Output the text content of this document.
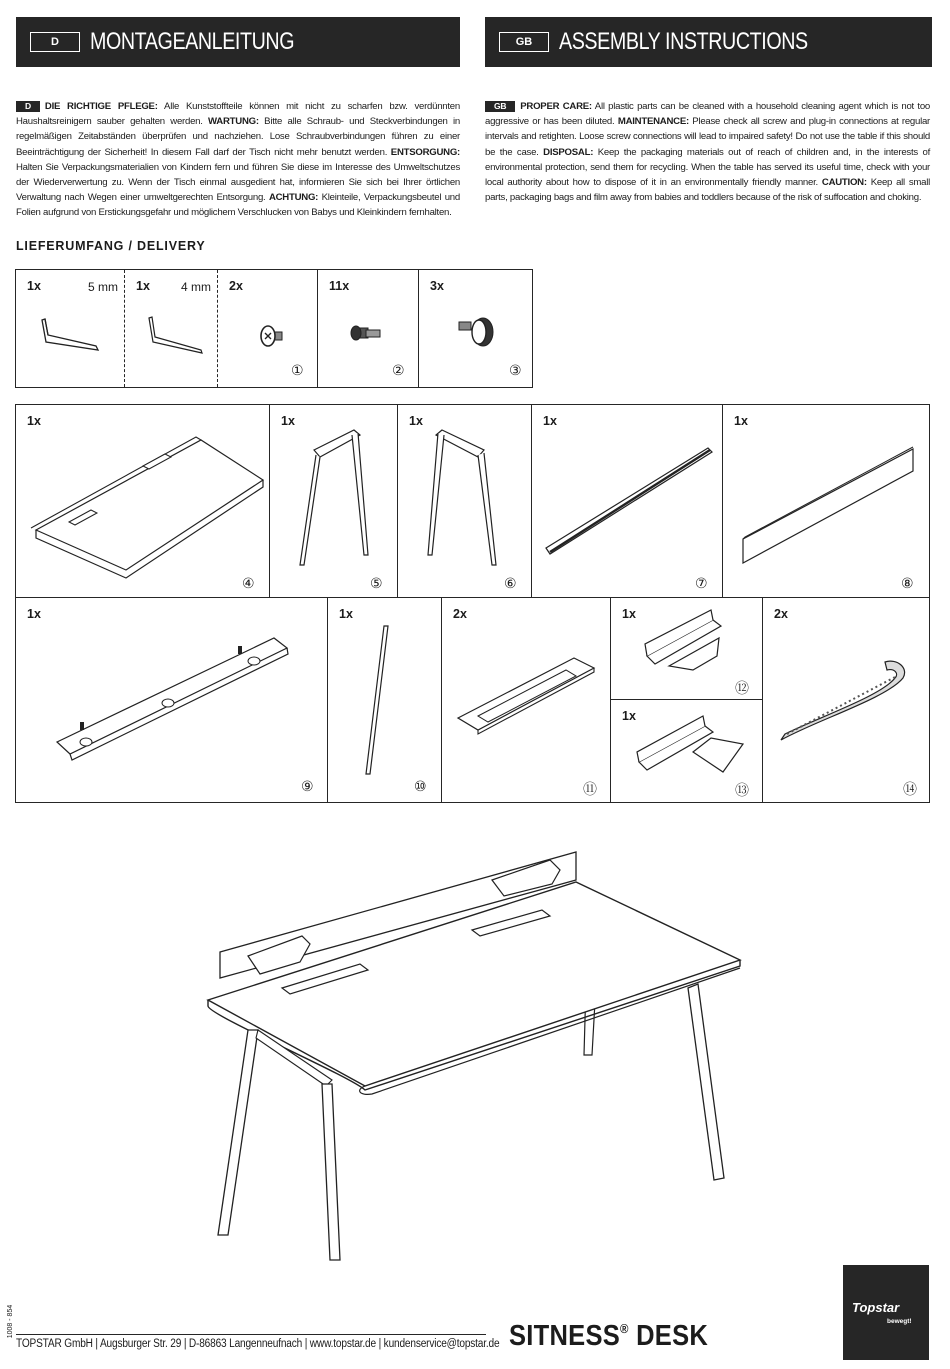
D	MONTAGEANLEITUNG	GB	ASSEMBLY INSTRUCTIONS
D DIE RICHTIGE PFLEGE: Alle Kunststoffteile können mit nicht zu scharfen bzw. verdünnten Haushaltsreinigern sauber gehalten werden. WARTUNG: Bitte alle Schraub- und Steckverbindungen in regelmäßigen Zeitabständen überprüfen und nachziehen. Lose Schraubverbindungen führen zu einer Beeinträchtigung der Sicherheit! In diesem Fall darf der Tisch nicht mehr benutzt werden. ENTSORGUNG: Halten Sie Verpackungsmaterialien von Kindern fern und führen Sie diese im Interesse des Umweltschutzes der Wiederverwertung zu. Wenn der Tisch einmal ausgedient hat, informieren Sie sich bei Ihrer örtlichen Verwaltung nach Wegen einer umweltgerechten Entsorgung. ACHTUNG: Kleinteile, Verpackungsbeutel und Folien aufgrund von Erstickungsgefahr und möglichem Verschlucken von Babys und Kleinkindern fernhalten.
GB PROPER CARE: All plastic parts can be cleaned with a household cleaning agent which is not too aggressive or has been diluted. MAINTENANCE: Please check all screw and plug-in connections at regular intervals and retighten. Loose screw connections will lead to impaired safety! Do not use the table if this should be the case. DISPOSAL: Keep the packaging materials out of reach of children and, in the interests of environmental protection, send them for recycling. When the table has served its useful time, check with your local authority about how to dispose of it in an environmentally friendly manner. CAUTION: Keep all small parts, packaging bags and film away from babies and toddlers because of the risk of suffocation and choking.
LIEFERUMFANG / DELIVERY
1x	5 mm 1x	4 mm 2x
①
11x
②
3x
③
1x
④
1x
⑤
1x
⑥
1x
⑦
1x
⑧
1x
⑨
1x
⑩
2x
⑪
1x
⑫
1x
⑬
2x
⑭
TOPSTAR GmbH | Augsburger Str. 29 | D-86863 Langenneufnach | www.topstar.de | kundenservice@topstar.de SITNESS® DESK
1008 - 854	Topstar
bewegt!
